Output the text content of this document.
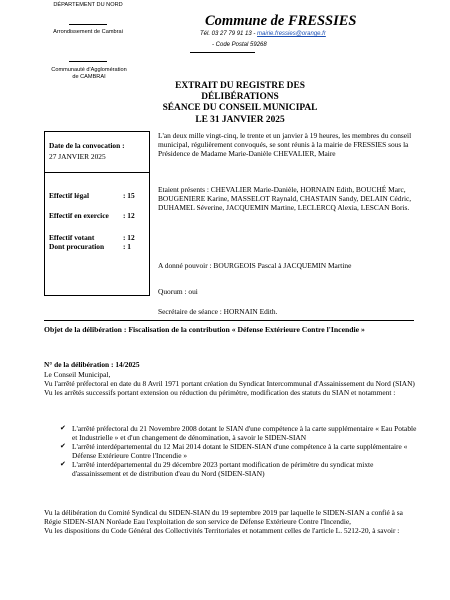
DÉPARTEMENT DU NORD
Arrondissement de Cambrai
Communauté d'Agglomération de CAMBRAI
Commune de FRESSIES
Tél. 03 27 79 91 13 - mairie.fressies@orange.fr
- Code Postal 59268
EXTRAIT DU REGISTRE DES DÉLIBÉRATIONS
SÉANCE DU CONSEIL MUNICIPAL
LE 31 JANVIER 2025
Date de la convocation :
27 JANVIER 2025
Effectif légal	: 15
Effectif en exercice : 12
Effectif votant	: 12
Dont procuration	: 1
L'an deux mille vingt-cinq, le trente et un janvier à 19 heures, les membres du conseil municipal, régulièrement convoqués, se sont réunis à la mairie de FRESSIES sous la Présidence de Madame Marie-Danièle CHEVALIER, Maire
Etaient présents : CHEVALIER Marie-Danièle, HORNAIN Edith, BOUCHÉ Marc, BOUGENIERE Karine, MASSELOT Raynald, CHASTAIN Sandy, DELAIN Cédric, DUHAMEL Séverine, JACQUEMIN Martine, LECLERCQ Alexia, LESCAN Boris.
A donné pouvoir : BOURGEOIS Pascal à JACQUEMIN Martine
Quorum : oui
Secrétaire de séance : HORNAIN Edith.
Objet de la délibération : Fiscalisation de la contribution « Défense Extérieure Contre l'Incendie »
N° de la délibération : 14/2025
Le Conseil Municipal,
Vu l'arrêté préfectoral en date du 8 Avril 1971 portant création du Syndicat Intercommunal d'Assainissement du Nord (SIAN)
Vu les arrêtés successifs portant extension ou réduction du périmètre, modification des statuts du SIAN et notamment :
✔ L'arrêté préfectoral du 21 Novembre 2008 dotant le SIAN d'une compétence à la carte supplémentaire « Eau Potable et Industrielle » et d'un changement de dénomination, à savoir le SIDEN-SIAN
✔ L'arrêté interdépartemental du 12 Mai 2014 dotant le SIDEN-SIAN d'une compétence à la carte supplémentaire « Défense Extérieure Contre l'Incendie »
✔ L'arrêté interdépartemental du 29 décembre 2023 portant modification de périmètre du syndicat mixte d'assainissement et de distribution d'eau du Nord (SIDEN-SIAN)
Vu la délibération du Comité Syndical du SIDEN-SIAN du 19 septembre 2019 par laquelle le SIDEN-SIAN a confié à sa Régie SIDEN-SIAN Noréade Eau l'exploitation de son service de Défense Extérieure Contre l'Incendie,
Vu les dispositions du Code Général des Collectivités Territoriales et notamment celles de l'article L. 5212-20, à savoir :
